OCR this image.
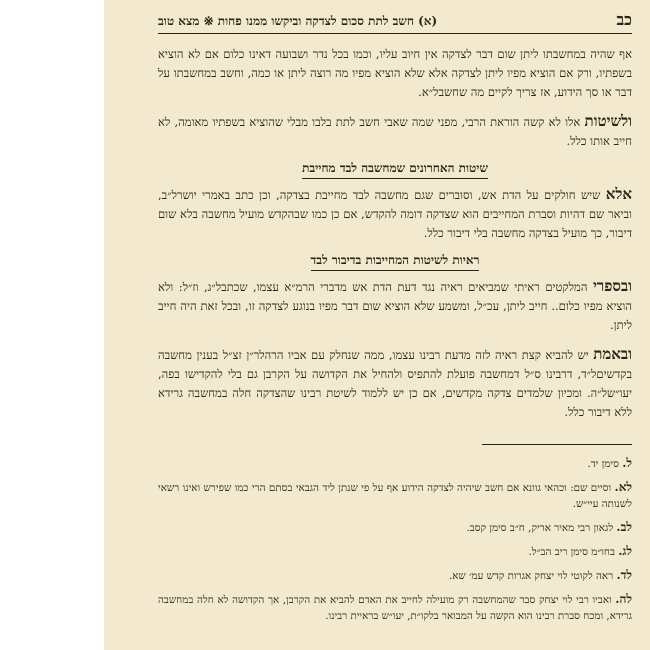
כב
(א) חשב לתת סכום לצדקה וביקשו ממנו פחות ※ מצא טוב

אף שהיה במחשבתו ליתן שום דבר לצדקה אין חיוב עליו, וכמו בכל נדר ושבועה דאינו כלום אם לא הוציא בשפתיו, ורק אם הוציא מפיו ליתן לצדקה אלא שלא הוציא מפיו מה רוצה ליתן או כמה, וחשב במחשבתו על דבר או סך הידוע, אז צריך לקיים מה שחשבל״א.

ולשיטות אלו לא קשה הוראת הרבי, מפני שמה שאבי חשב לתת בלבו מבלי שהוציא בשפתיו מאומה, לא חייב אותו כלל.

שיטות האחרונים שמחשבה לבד מחייבת

אלא שיש חולקים על הדת אש, וסוברים שגם מחשבה לבד מחייבת בצדקה, וכן כתב באמרי יושרל״ב, וביאר שם דהיות וסברת המחייבים הוא שצדקה דומה להקדש, אם כן כמו שבהקדש מועיל מחשבה בלא שום דיבור, כך מועיל בצדקה מחשבה בלי דיבור כלל.

ראיות לשיטות המחייבות בדיבור לבד

ובספרי המלקטים ראיתי שמביאים ראיה נגד דעת הדת אש מדברי הרמ״א עצמו, שכתבל״ג, וז״ל: ולא הוציא מפיו כלום.. חייב ליתן, עכ״ל, ומשמע שלא הוציא שום דבר מפיו בנוגע לצדקה זו, ובכל זאת היה חייב ליתן.

ובאמת יש להביא קצת ראיה לזה מדעת רבינו עצמו, ממה שנחלק עם אביו הרהלר״ן זצ״ל בענין מחשבה בקדשיםל״ד, דרבינו ס״ל דמחשבה פועלת להתפיס ולהחיל את הקדושה על הקרבן גם בלי להקדישו בפה, יעו״של״ה. ומכיון שלמדים צדקה מקדשים, אם כן יש ללמוד לשיטת רבינו שהצדקה חלה במחשבה גרידא ללא דיבור כלל.

ל. סימן יד.

לא. וסיים שם: וכהאי גוונא אם חשב שיהיה לצדקה הידוע אף על פי שנתן ליד הגבאי בסתם הרי כמו שפירש ואינו רשאי לשנותה עיי״ש.

לב. לגאון רבי מאיר אריק, ח״ב סימן קסב.

לג. בחו״מ סימן ריב הב״ל.

לד. ראה לקוטי לוי יצחק אגרות קדש עמ׳ שא.

לה. ואביו רבי לוי יצחק סבר שהמחשבה רק מועילה לחייב את האדם להביא את הקרבן, אך הקדושה לא חלה במחשבה גרידא, ומכח סברת רבינו הוא הקשה על המבואר בלקו״ת, יעו״ש בראיית רבינו.
